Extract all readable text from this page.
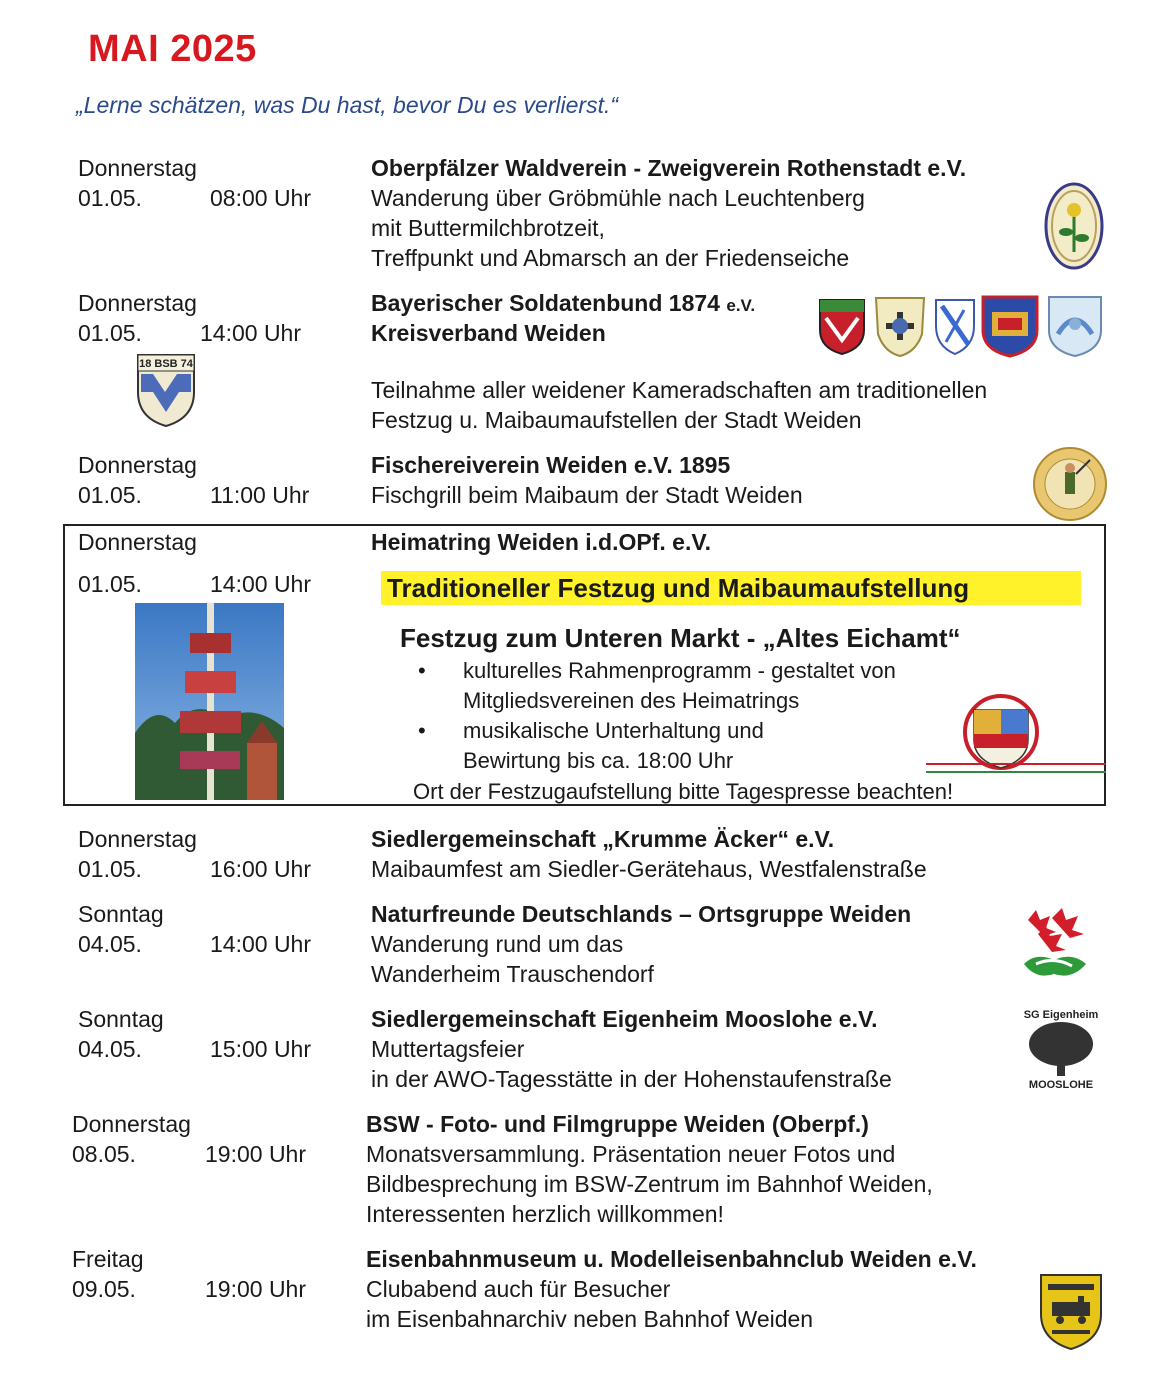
MAI 2025
„Lerne schätzen, was Du hast, bevor Du es verlierst.“
Donnerstag
01.05.	08:00 Uhr
Oberpfälzer Waldverein - Zweigverein Rothenstadt e.V.
Wanderung über Gröbmühle nach Leuchtenberg
mit Buttermilchbrotzeit,
Treffpunkt und Abmarsch an der Friedenseiche
Donnerstag
01.05.	14:00 Uhr
Bayerischer Soldatenbund 1874 e.V.
Kreisverband Weiden
Teilnahme aller weidener Kameradschaften am traditionellen
Festzug u. Maibaumaufstellen der Stadt Weiden
18 BSB 74
Donnerstag
01.05.	11:00 Uhr
Fischereiverein Weiden e.V. 1895
Fischgrill beim Maibaum der Stadt Weiden
Donnerstag
01.05.	14:00 Uhr
Heimatring Weiden i.d.OPf. e.V.
Traditioneller Festzug und Maibaumaufstellung
Festzug zum Unteren Markt - „Altes Eichamt“
• kulturelles Rahmenprogramm - gestaltet von
Mitgliedsvereinen des Heimatrings
• musikalische Unterhaltung und
Bewirtung bis ca. 18:00 Uhr
Ort der Festzugaufstellung bitte Tagespresse beachten!
Donnerstag
01.05.	16:00 Uhr
Siedlergemeinschaft „Krumme Äcker“ e.V.
Maibaumfest am Siedler-Gerätehaus, Westfalenstraße
Sonntag
04.05.	14:00 Uhr
Naturfreunde Deutschlands – Ortsgruppe Weiden
Wanderung rund um das
Wanderheim Trauschendorf
Sonntag
04.05.	15:00 Uhr
Siedlergemeinschaft Eigenheim Mooslohe e.V.
Muttertagsfeier
in der AWO-Tagesstätte in der Hohenstaufenstraße
SG Eigenheim
MOOSLOHE
Donnerstag
08.05.	19:00 Uhr
BSW - Foto- und Filmgruppe Weiden (Oberpf.)
Monatsversammlung. Präsentation neuer Fotos und
Bildbesprechung im BSW-Zentrum im Bahnhof Weiden,
Interessenten herzlich willkommen!
Freitag
09.05.	19:00 Uhr
Eisenbahnmuseum u. Modelleisenbahnclub Weiden e.V.
Clubabend auch für Besucher
im Eisenbahnarchiv neben Bahnhof Weiden
